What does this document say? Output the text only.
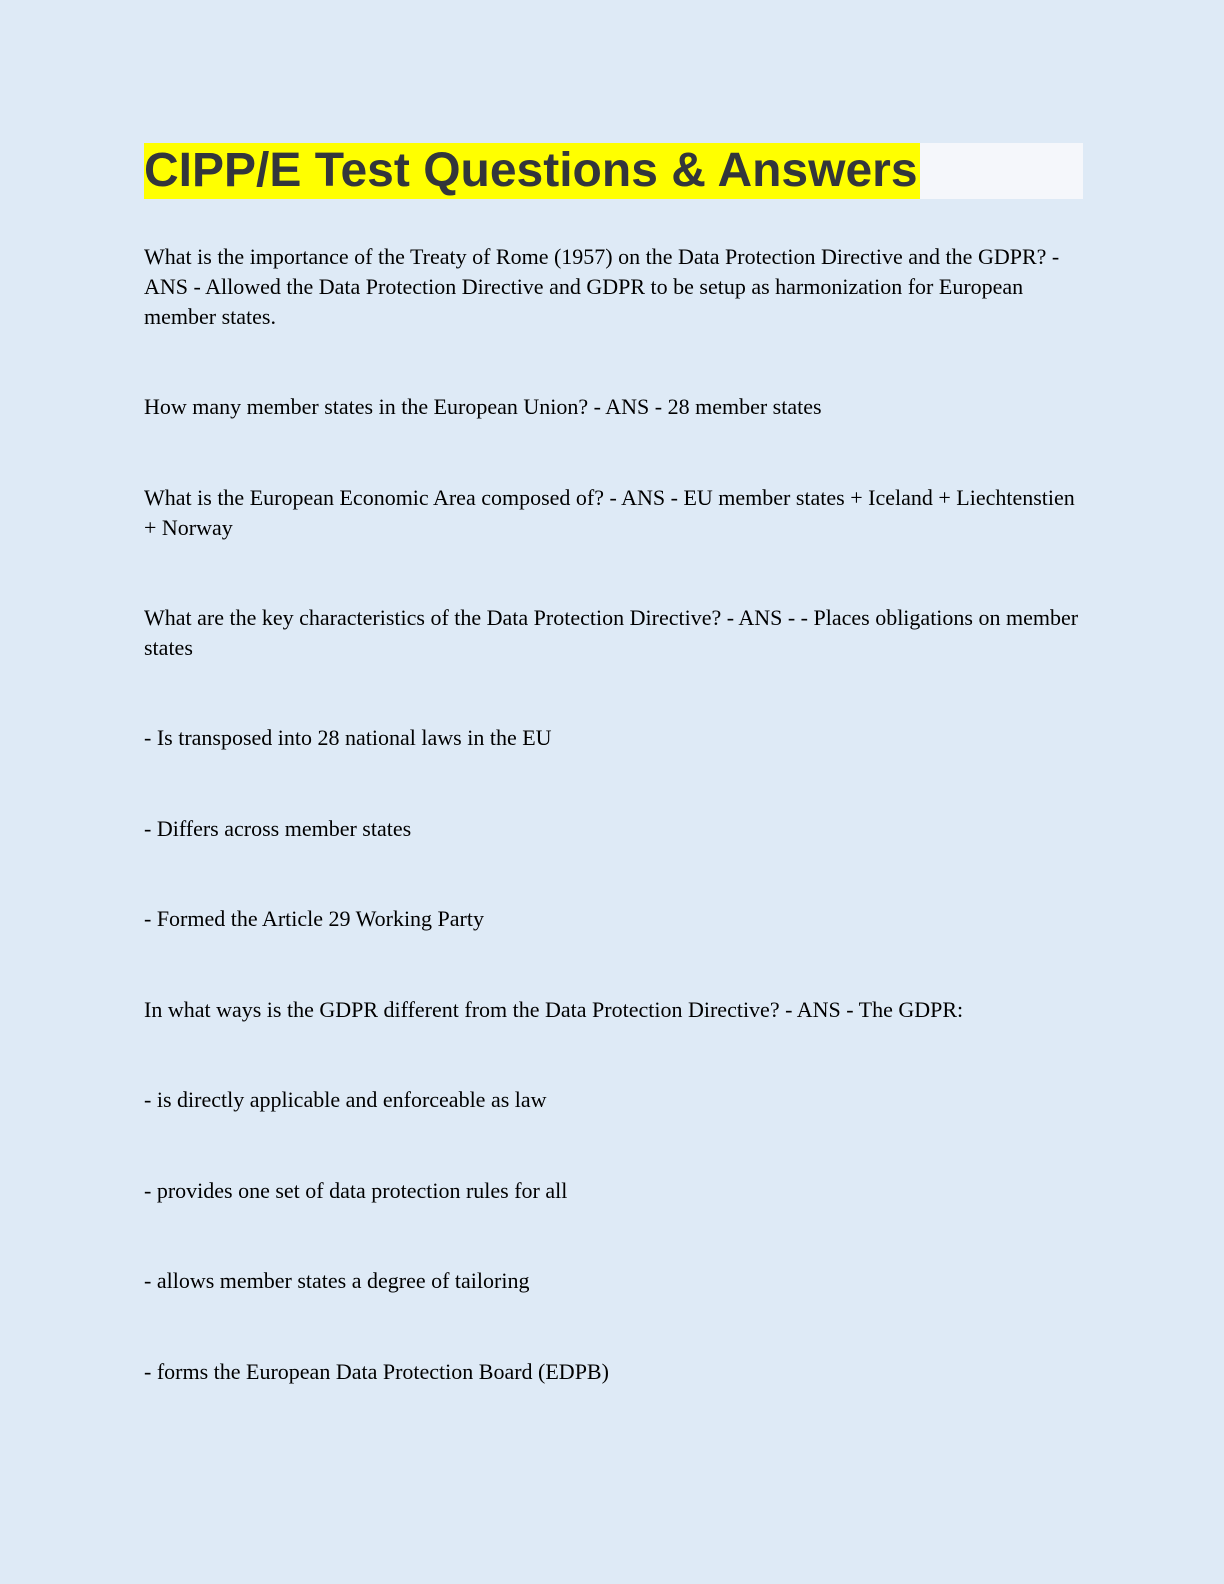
CIPP/E Test Questions & Answers

What is the importance of the Treaty of Rome (1957) on the Data Protection Directive and the GDPR? - ANS - Allowed the Data Protection Directive and GDPR to be setup as harmonization for European member states.

How many member states in the European Union? - ANS - 28 member states

What is the European Economic Area composed of? - ANS - EU member states + Iceland + Liechtenstien + Norway

What are the key characteristics of the Data Protection Directive? - ANS - - Places obligations on member states

- Is transposed into 28 national laws in the EU

- Differs across member states

- Formed the Article 29 Working Party

In what ways is the GDPR different from the Data Protection Directive? - ANS - The GDPR:

- is directly applicable and enforceable as law

- provides one set of data protection rules for all

- allows member states a degree of tailoring

- forms the European Data Protection Board (EDPB)
